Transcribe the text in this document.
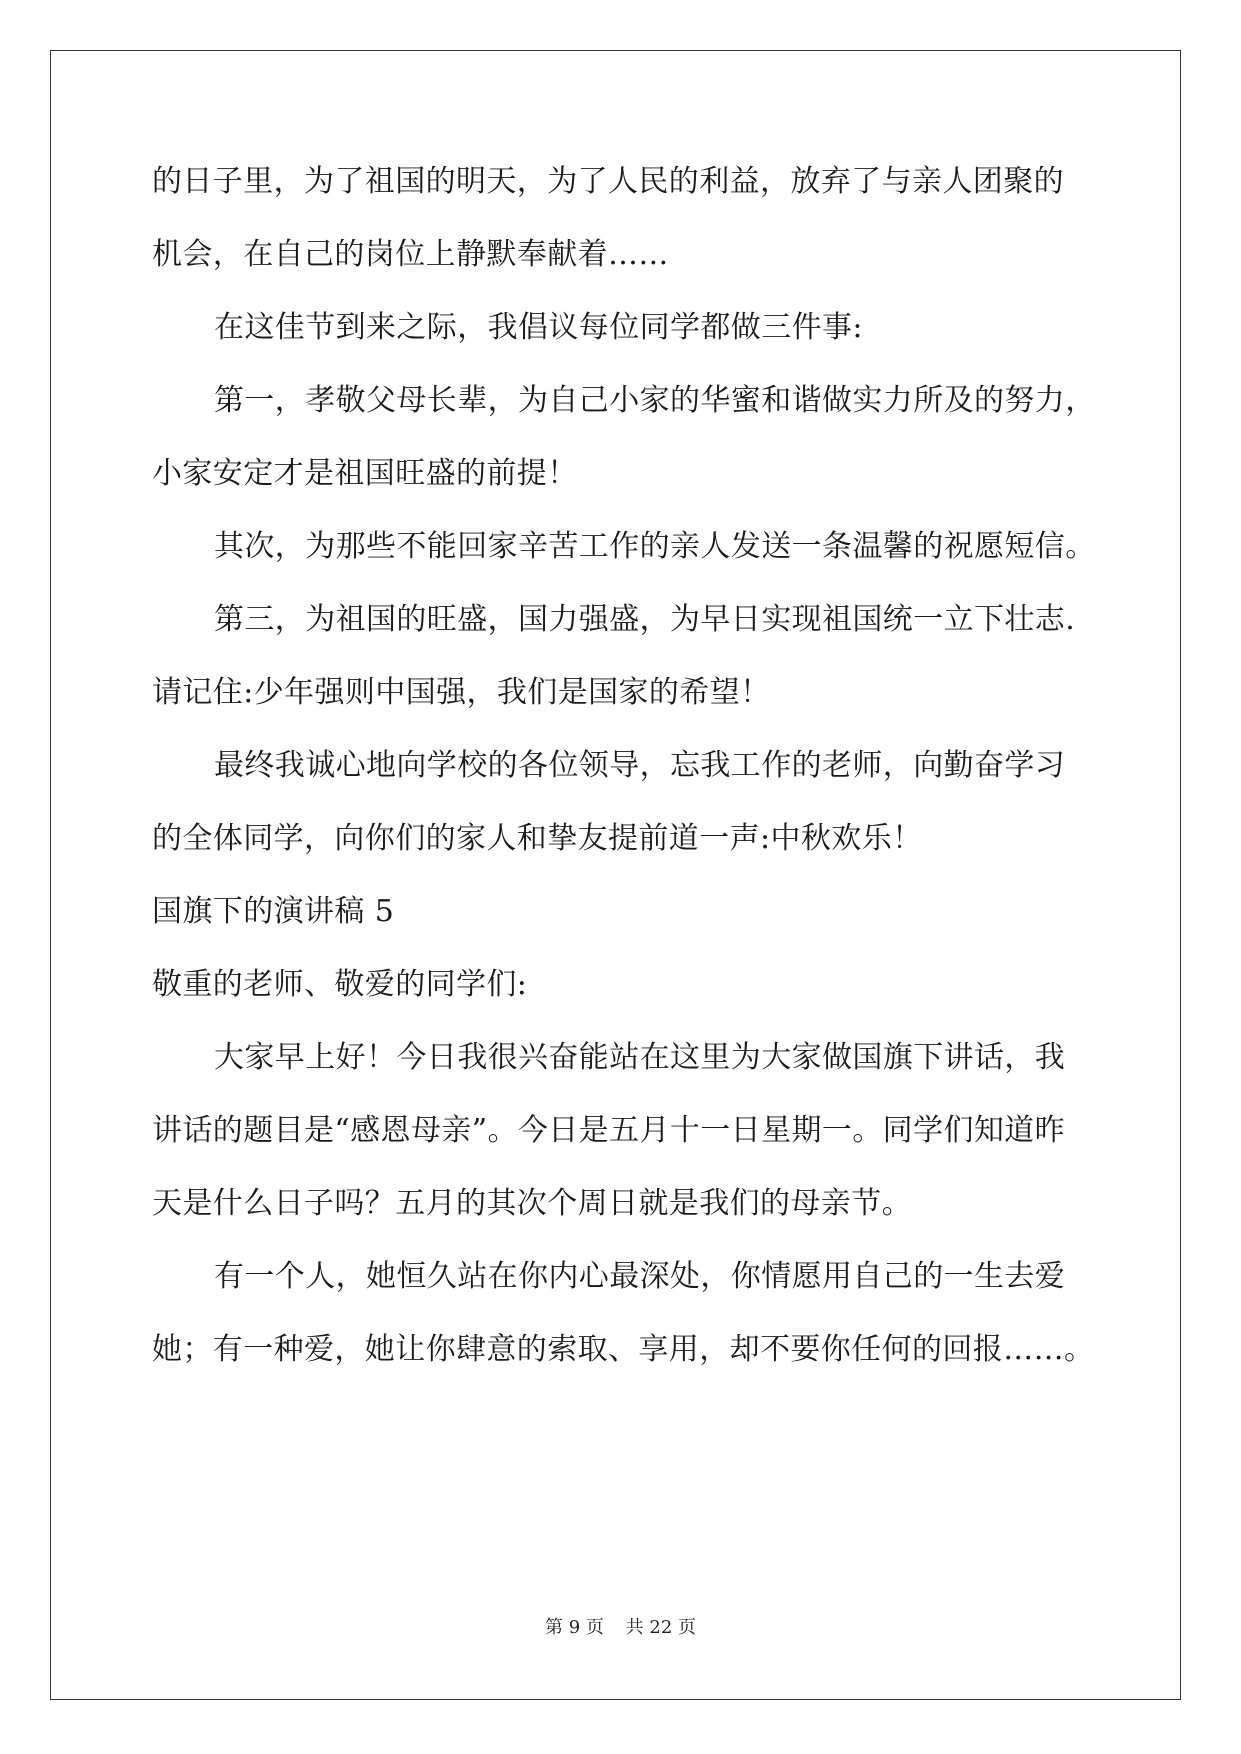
的日子里，为了祖国的明天，为了人民的利益，放弃了与亲人团聚的
机会，在自己的岗位上静默奉献着……
在这佳节到来之际，我倡议每位同学都做三件事:
第一，孝敬父母长辈，为自己小家的华蜜和谐做实力所及的努力，
小家安定才是祖国旺盛的前提！
其次，为那些不能回家辛苦工作的亲人发送一条温馨的祝愿短信。
第三，为祖国的旺盛，国力强盛，为早日实现祖国统一立下壮志.
请记住:少年强则中国强，我们是国家的希望！
最终我诚心地向学校的各位领导，忘我工作的老师，向勤奋学习
的全体同学，向你们的家人和挚友提前道一声:中秋欢乐！
国旗下的演讲稿 5
敬重的老师、敬爱的同学们:
大家早上好！今日我很兴奋能站在这里为大家做国旗下讲话，我
讲话的题目是“感恩母亲”。今日是五月十一日星期一。同学们知道昨
天是什么日子吗？五月的其次个周日就是我们的母亲节。
有一个人，她恒久站在你内心最深处，你情愿用自己的一生去爱
她；有一种爱，她让你肆意的索取、享用，却不要你任何的回报……。
第 9 页 共 22 页
